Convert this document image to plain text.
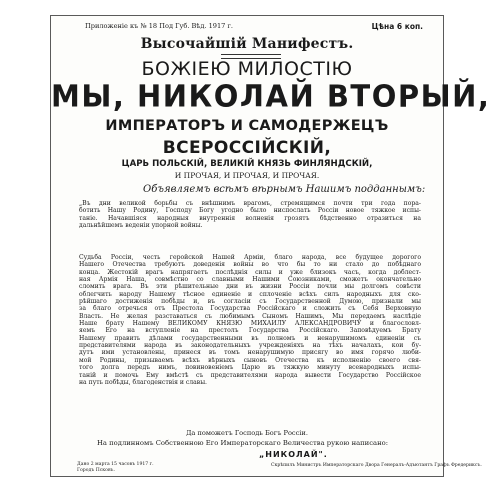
Приложеніе къ № 18 Под Губ. Вѣд. 1917 г.	Цѣна 6 коп.
Высочайшій Манифестъ.
БОЖІЕЮ МИЛОСТІЮ
МЫ, НИКОЛАЙ ВТОРЫЙ,
ИМПЕРАТОРЪ И САМОДЕРЖЕЦЪ
ВСЕРОССІЙСКІЙ,
ЦАРЬ ПОЛЬСКІЙ, ВЕЛИКІЙ КНЯЗЬ ФИНЛЯНДСКІЙ,
И ПРОЧАЯ, И ПРОЧАЯ, И ПРОЧАЯ.
Объявляемъ всѣмъ вѣрнымъ Нашимъ подданнымъ:
„Въ дни великой борьбы съ внѣшнимъ врагомъ, стремящимся почти три года пора-
ботить Нашу Родину, Господу Богу угодно было ниспослать Россіи новое тяжкое испы-
таніе. Начавшіяся народныя внутреннія волненія грозятъ бѣдственно отразиться на
дальнѣйшемъ веденіи упорной войны.
Судьба Россіи, честь геройской Нашей Арміи, благо народа, все будущее дорогого
Нашего Отечества требуютъ доведенія войны во что бы то ни стало до побѣднаго
конца. Жестокій врагъ напрягаетъ послѣднія силы и уже близокъ часъ, когда доблест-
ная Армія Наша, совмѣстно со славными Нашими Союзниками, сможетъ окончательно
сломить врага. Въ эти рѣшительные дни въ жизни Россіи почли мы долгомъ совѣсти
облегчить народу Нашему тѣсное единеніе и сплоченіе всѣхъ силъ народныхъ для ско-
рѣйшаго достиженія побѣды и, въ согласіи съ Государственной Думою, признали мы
за благо отречься отъ Престола Государства Россійскаго и сложить съ Себя Верховную
Власть. Не желая разставаться съ любимымъ Сыномъ Нашимъ, Мы передаемъ наслѣдіе
Наше брату Нашему ВЕЛИКОМУ КНЯЗЮ МИХАИЛУ АЛЕКСАНДРОВИЧУ и благословл-
яемъ Его на вступленіе на престолъ Государства Россійскаго. Заповѣдуемъ Брату
Нашему править дѣлами государственными въ полномъ и ненарушимомъ единеніи съ
представителями народа въ законодательныхъ учрежденіяхъ на тѣхъ началахъ, кои бу-
дутъ ими установлены, принеся въ томъ ненарушимую присягу во имя горячо люби-
мой Родины, призываемъ всѣхъ вѣрныхъ сыновъ Отечества къ исполненію своего свя-
того долга передъ нимъ, повиновеніемъ Царю въ тяжкую минуту всенародныхъ испы-
таній и помочь Ему вмѣстѣ съ представителями народа вывести Государство Россійское
на путь побѣды, благоденствія и славы.
Да поможетъ Господь Богъ Россіи.
На подлинномъ Собственною Его Императорскаго Величества рукою написано:
„НИКОЛАЙ".
Дано 2 марта 15 часовъ 1917 г.
Городъ Псковъ.
Скрѣпилъ Министръ Императорскаго Двора Генералъ-Адъютантъ Графъ Фредериксъ.
